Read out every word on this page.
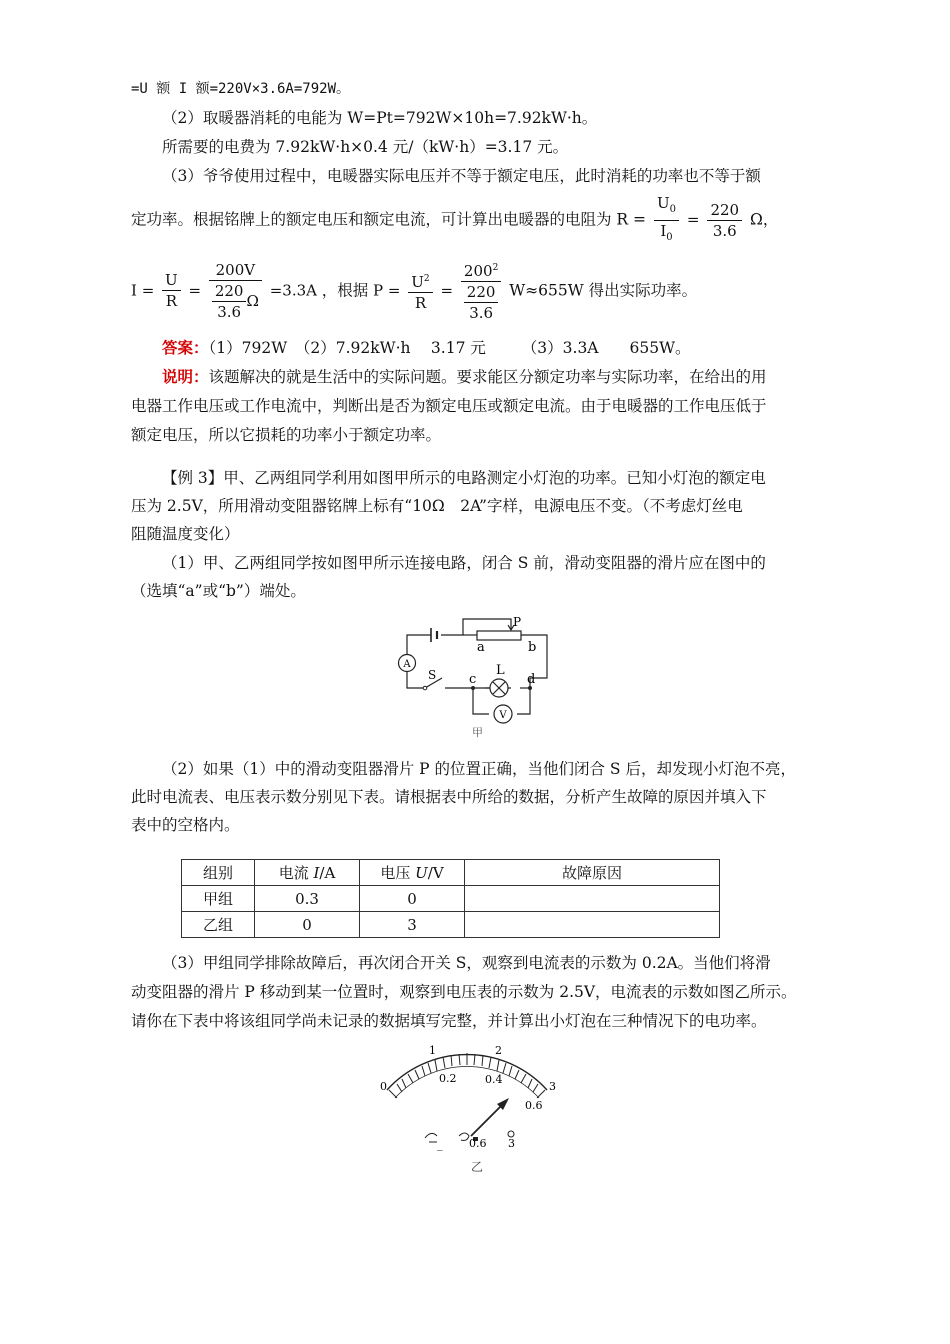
=U 额 I 额=220V×3.6A=792W。
（2）取暖器消耗的电能为 W=Pt=792W×10h=7.92kW·h。
所需要的电费为 7.92kW·h×0.4 元/（kW·h）=3.17 元。
（3）爷爷使用过程中，电暖器实际电压并不等于额定电压，此时消耗的功率也不等于额
定功率。根据铭牌上的额定电压和额定电流，可计算出电暖器的电阻为 $R = \frac{U_0}{I_0} = \frac{220}{3.6}$ Ω，
$I = \frac{U}{R} = 200V$
220
3.6
Ω =3.3A ，根据 $P = \frac{U^2}{R} = \frac{200^2}{\frac{220}{3.6}} W\approx 655W$ 得出实际功率。
答案：（1）792W　（2）7.92kW·h　 3.17 元　　 （3）3.3A　　655W。
说明：该题解决的就是生活中的实际问题。要求能区分额定功率与实际功率，在给出的用
电器工作电压或工作电流中，判断出是否为额定电压或额定电流。由于电暖器的工作电压低于
额定电压，所以它损耗的功率小于额定功率。
【例 3】甲、乙两组同学利用如图甲所示的电路测定小灯泡的功率。已知小灯泡的额定电
压为 2.5V，所用滑动变阻器铭牌上标有“10Ω　2A”字样，电源电压不变。（不考虑灯丝电
阻随温度变化）
（1）甲、乙两组同学按如图甲所示连接电路，闭合 S 前，滑动变阻器的滑片应在图中的
（选填“a”或“b”）端处。
A
V
P
a	b
S	L
c	d
甲
（2）如果（1）中的滑动变阻器滑片 P 的位置正确，当他们闭合 S 后，却发现小灯泡不亮，
此时电流表、电压表示数分别见下表。请根据表中所给的数据，分析产生故障的原因并填入下
表中的空格内。
组别	电流 I/A	电压 U/V	故障原因
甲组	0.3	0	
乙组	0	3	
（3）甲组同学排除故障后，再次闭合开关 S，观察到电流表的示数为 0.2A。当他们将滑
动变阻器的滑片 P 移动到某一位置时，观察到电压表的示数为 2.5V，电流表的示数如图乙所示。
请你在下表中将该组同学尚未记录的数据填写完整，并计算出小灯泡在三种情况下的电功率。
0
1	2
3
0.2	0.4
0.6
_ 0.6 3
乙
